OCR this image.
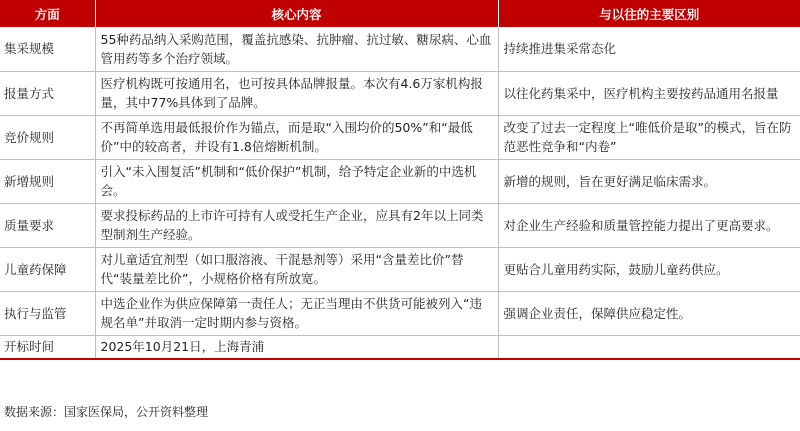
方面	核心内容	与以往的主要区别
集采规模	55种药品纳入采购范围，覆盖抗感染、抗肿瘤、抗过敏、糖尿病、心血管用药等多个治疗领域。	持续推进集采常态化
报量方式	医疗机构既可按通用名，也可按具体品牌报量。本次有4.6万家机构报量，其中77%具体到了品牌。	以往化药集采中，医疗机构主要按药品通用名报量
竞价规则	不再简单选用最低报价作为锚点，而是取“入围均价的50%”和“最低价”中的较高者，并设有1.8倍熔断机制。	改变了过去一定程度上“唯低价是取”的模式，旨在防范恶性竞争和“内卷”
新增规则	引入“未入围复活”机制和“低价保护”机制，给予特定企业新的中选机会。	新增的规则，旨在更好满足临床需求。
质量要求	要求投标药品的上市许可持有人或受托生产企业，应具有2年以上同类型制剂生产经验。	对企业生产经验和质量管控能力提出了更高要求。
儿童药保障	对儿童适宜剂型（如口服溶液、干混悬剂等）采用“含量差比价”替代“装量差比价”，小规格价格有所放宽。	更贴合儿童用药实际，鼓励儿童药供应。
执行与监管	中选企业作为供应保障第一责任人；无正当理由不供货可能被列入“违规名单”并取消一定时期内参与资格。	强调企业责任，保障供应稳定性。
开标时间	2025年10月21日，上海青浦	
数据来源：国家医保局，公开资料整理
